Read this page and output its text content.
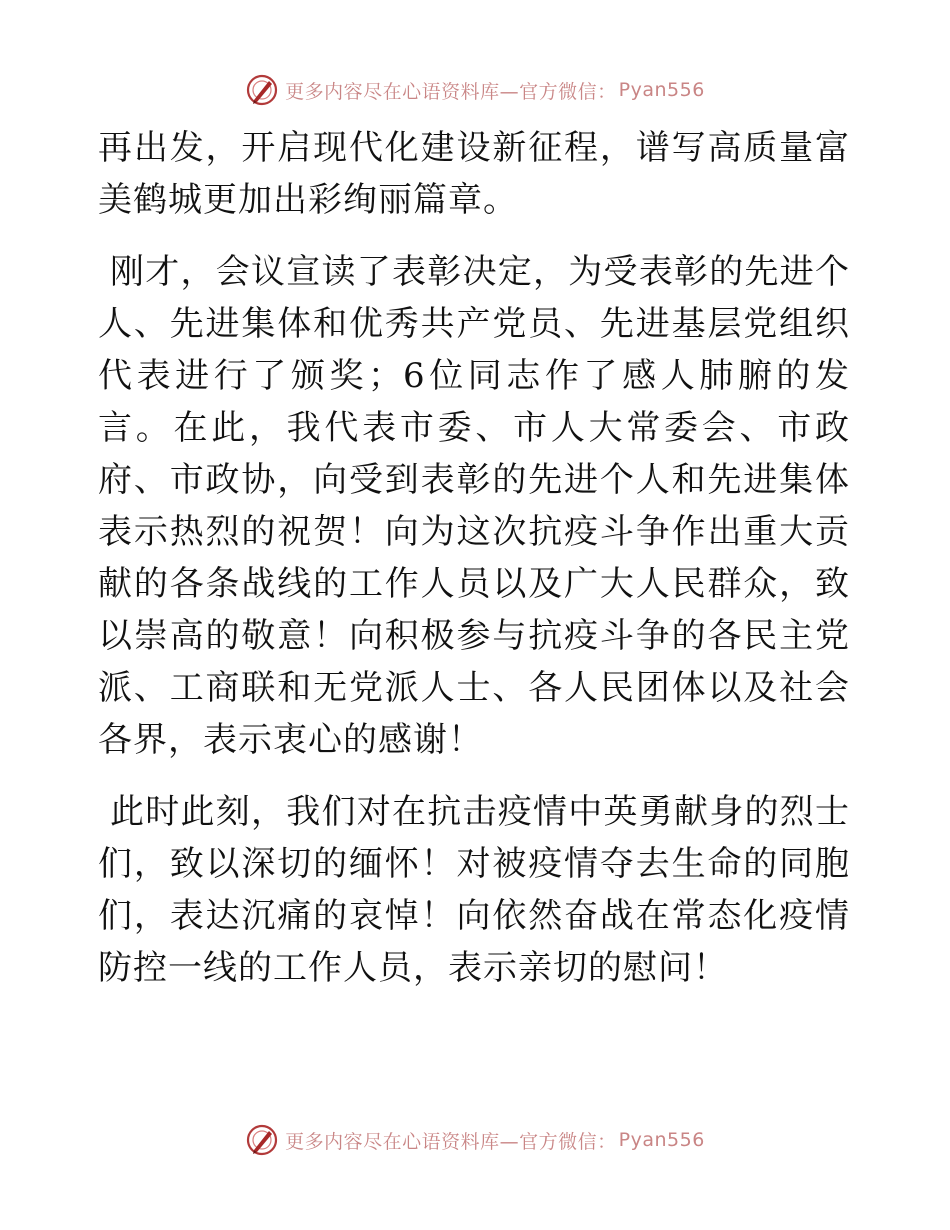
更多内容尽在心语资料库—官方微信： Pyan556

再出发，开启现代化建设新征程，谱写高质量富美鹤城更加出彩绚丽篇章。

刚才，会议宣读了表彰决定，为受表彰的先进个人、先进集体和优秀共产党员、先进基层党组织代表进行了颁奖；6位同志作了感人肺腑的发言。在此，我代表市委、市人大常委会、市政府、市政协，向受到表彰的先进个人和先进集体表示热烈的祝贺！向为这次抗疫斗争作出重大贡献的各条战线的工作人员以及广大人民群众，致以崇高的敬意！向积极参与抗疫斗争的各民主党派、工商联和无党派人士、各人民团体以及社会各界，表示衷心的感谢！

此时此刻，我们对在抗击疫情中英勇献身的烈士们，致以深切的缅怀！对被疫情夺去生命的同胞们，表达沉痛的哀悼！向依然奋战在常态化疫情防控一线的工作人员，表示亲切的慰问！

更多内容尽在心语资料库—官方微信： Pyan556
